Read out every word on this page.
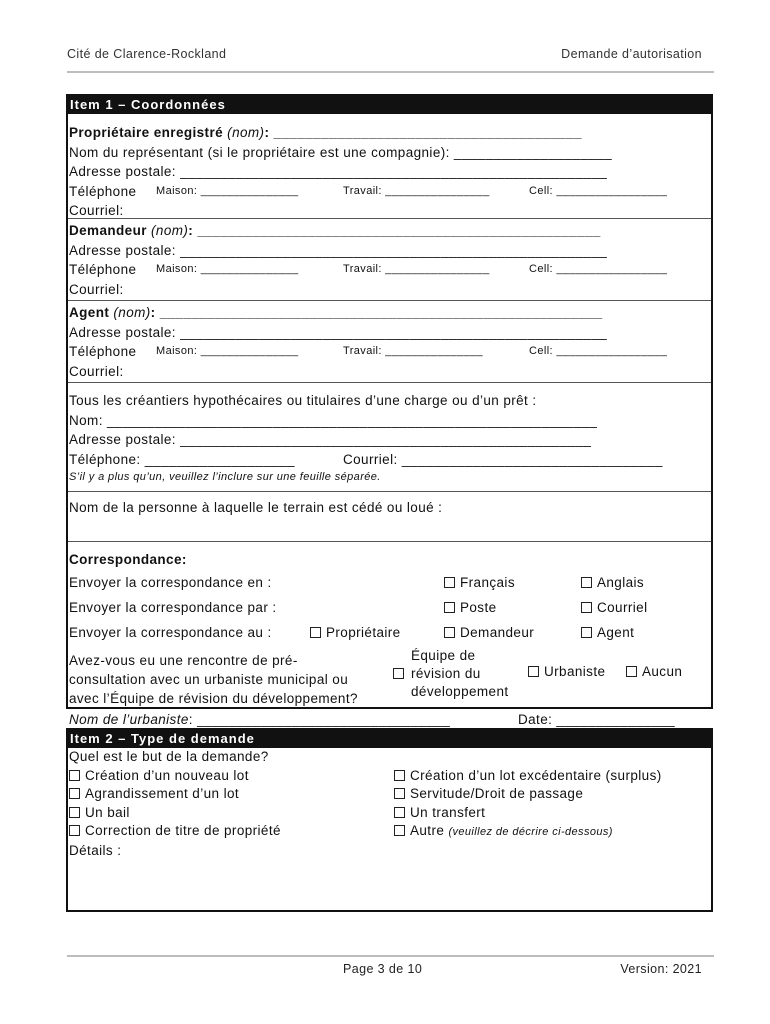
Cité de Clarence-Rockland	Demande d’autorisation
Item 1 – Coordonnées
Propriétaire enregistré (nom): _______________________________________
Nom du représentant (si le propriétaire est une compagnie): ____________________
Adresse postale: ______________________________________________________
Téléphone Maison: _______________	Travail: ________________	Cell: _________________
Courriel:
Demandeur (nom): ___________________________________________________
Adresse postale: ______________________________________________________
Téléphone Maison: _______________	Travail: ________________	Cell: _________________
Courriel:
Agent (nom): ________________________________________________________
Adresse postale: ______________________________________________________
Téléphone Maison: _______________	Travail: _______________	Cell: _________________
Courriel:
Tous les créantiers hypothécaires ou titulaires d’une charge ou d’un prêt :
Nom: ______________________________________________________________
Adresse postale: ____________________________________________________
Téléphone: ___________________	Courriel: _________________________________
S’il y a plus qu’un, veuillez l’inclure sur une feuille séparée.
Nom de la personne à laquelle le terrain est cédé ou loué :
Correspondance:
Envoyer la correspondance en :	Français	Anglais
Envoyer la correspondance par :	Poste	Courriel
Envoyer la correspondance au :	Propriétaire	Demandeur	Agent
Avez-vous eu une rencontre de pré-
consultation avec un urbaniste municipal ou
avec l’Équipe de révision du développement?
Équipe de
révision du
développement
Urbaniste	Aucun
Nom de l’urbaniste: ________________________________	Date: _______________
Item 2 – Type de demande
Quel est le but de la demande?
Création d’un nouveau lot
Agrandissement d’un lot
Un bail
Correction de titre de propriété
Création d’un lot excédentaire (surplus)
Servitude/Droit de passage
Un transfert
Autre (veuillez de décrire ci-dessous)
Détails :
Page 3 de 10	Version: 2021
